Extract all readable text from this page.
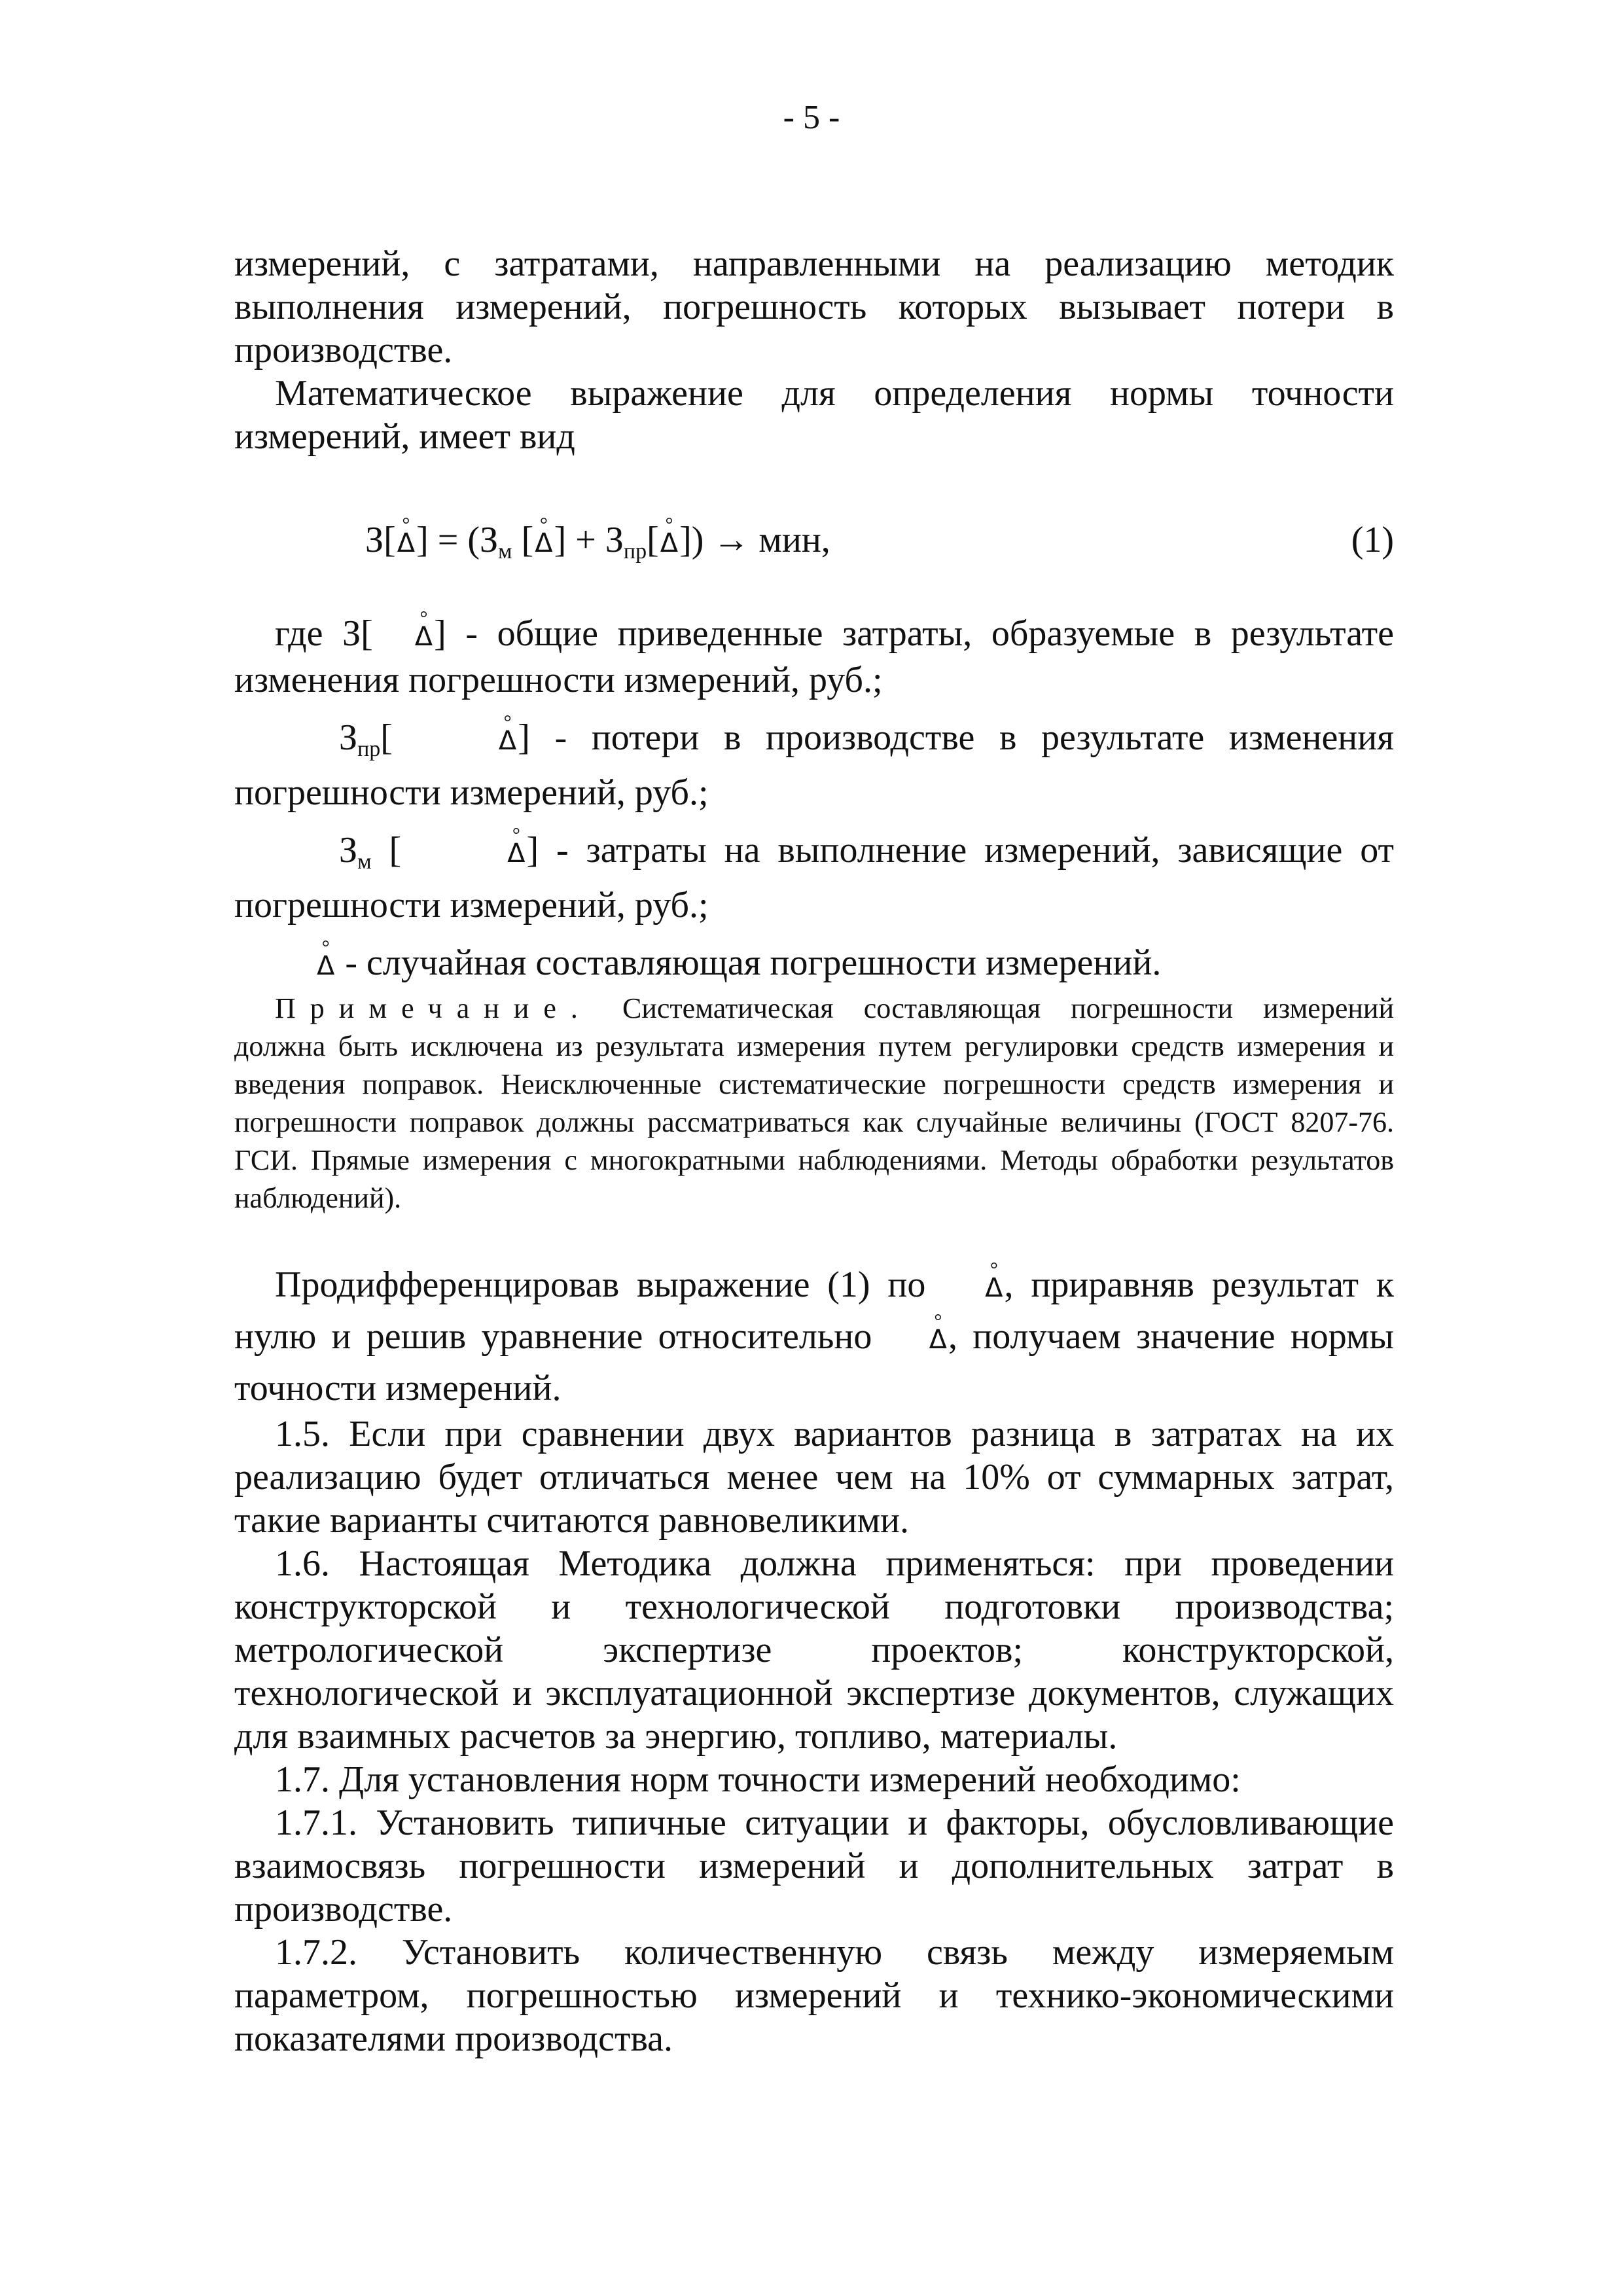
- 5 -

измерений, с затратами, направленными на реализацию методик выполнения измерений, погрешность которых вызывает потери в производстве.

Математическое выражение для определения нормы точности измерений, имеет вид

З[° $\Delta] = (З_м$ [° $\Delta] + З_{пр}[^\circ$ Δ]) → мин,	(1)

где З[° Δ] - общие приведенные затраты, образуемые в результате изменения погрешности измерений, руб.;

$З_{пр}[^\circ$	Δ] - потери в производстве в результате изменения погрешности измерений, руб.;

$З_м$ [°	Δ] - затраты на выполнение измерений, зависящие от погрешности измерений, руб.;

° Δ - случайная составляющая погрешности измерений.

Примечание. Систематическая составляющая погрешности измерений должна быть исключена из результата измерения путем регулировки средств измерения и введения поправок. Неисключенные систематические погрешности средств измерения и погрешности поправок должны рассматриваться как случайные величины (ГОСТ 8207-76. ГСИ. Прямые измерения с многократными наблюдениями. Методы обработки результатов наблюдений).

Продифференцировав выражение (1) по ° Δ, приравняв результат к нулю и решив уравнение относительно ° Δ, получаем значение нормы точности измерений.

1.5. Если при сравнении двух вариантов разница в затратах на их реализацию будет отличаться менее чем на 10% от суммарных затрат, такие варианты считаются равновеликими.

1.6. Настоящая Методика должна применяться: при проведении конструкторской и технологической подготовки производства; метрологической экспертизе проектов; конструкторской, технологической и эксплуатационной экспертизе документов, служащих для взаимных расчетов за энергию, топливо, материалы.

1.7. Для установления норм точности измерений необходимо:

1.7.1. Установить типичные ситуации и факторы, обусловливающие взаимосвязь погрешности измерений и дополнительных затрат в производстве.

1.7.2. Установить количественную связь между измеряемым параметром, погрешностью измерений и технико-экономическими показателями производства.
